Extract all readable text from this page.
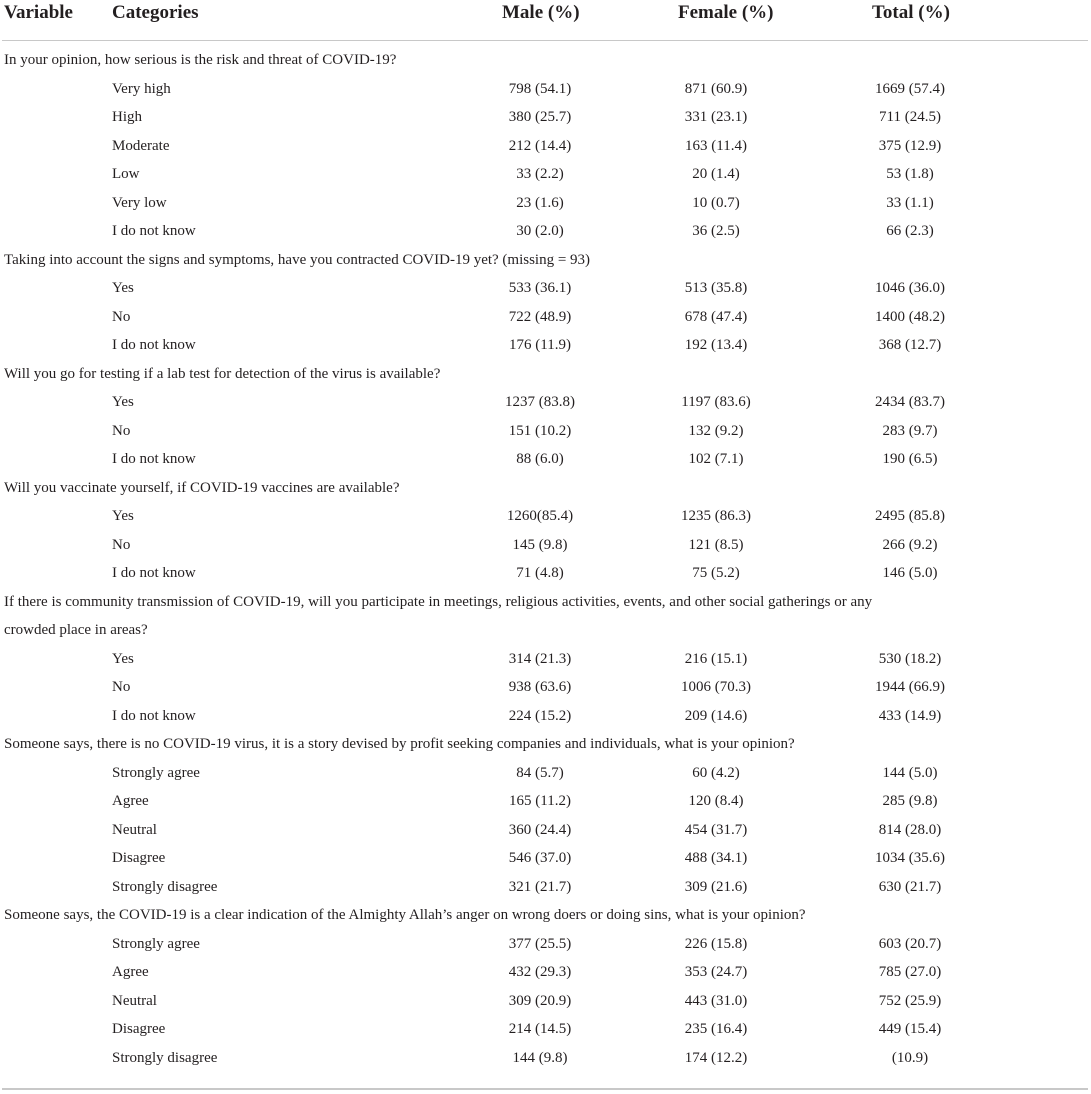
Variable Categories	Male (%)	Female (%)	Total (%)
In your opinion, how serious is the risk and threat of COVID-19?
Very high	798 (54.1)	871 (60.9)	1669 (57.4)
High	380 (25.7)	331 (23.1)	711 (24.5)
Moderate	212 (14.4)	163 (11.4)	375 (12.9)
Low	33 (2.2)	20 (1.4)	53 (1.8)
Very low	23 (1.6)	10 (0.7)	33 (1.1)
I do not know	30 (2.0)	36 (2.5)	66 (2.3)
Taking into account the signs and symptoms, have you contracted COVID-19 yet? (missing = 93)
Yes	533 (36.1)	513 (35.8)	1046 (36.0)
No	722 (48.9)	678 (47.4)	1400 (48.2)
I do not know	176 (11.9)	192 (13.4)	368 (12.7)
Will you go for testing if a lab test for detection of the virus is available?
Yes	1237 (83.8)	1197 (83.6)	2434 (83.7)
No	151 (10.2)	132 (9.2)	283 (9.7)
I do not know	88 (6.0)	102 (7.1)	190 (6.5)
Will you vaccinate yourself, if COVID-19 vaccines are available?
Yes	1260(85.4)	1235 (86.3)	2495 (85.8)
No	145 (9.8)	121 (8.5)	266 (9.2)
I do not know	71 (4.8)	75 (5.2)	146 (5.0)
If there is community transmission of COVID-19, will you participate in meetings, religious activities, events, and other social gatherings or any
crowded place in areas?
Yes	314 (21.3)	216 (15.1)	530 (18.2)
No	938 (63.6)	1006 (70.3)	1944 (66.9)
I do not know	224 (15.2)	209 (14.6)	433 (14.9)
Someone says, there is no COVID-19 virus, it is a story devised by profit seeking companies and individuals, what is your opinion?
Strongly agree	84 (5.7)	60 (4.2)	144 (5.0)
Agree	165 (11.2)	120 (8.4)	285 (9.8)
Neutral	360 (24.4)	454 (31.7)	814 (28.0)
Disagree	546 (37.0)	488 (34.1)	1034 (35.6)
Strongly disagree	321 (21.7)	309 (21.6)	630 (21.7)
Someone says, the COVID-19 is a clear indication of the Almighty Allah’s anger on wrong doers or doing sins, what is your opinion?
Strongly agree	377 (25.5)	226 (15.8)	603 (20.7)
Agree	432 (29.3)	353 (24.7)	785 (27.0)
Neutral	309 (20.9)	443 (31.0)	752 (25.9)
Disagree	214 (14.5)	235 (16.4)	449 (15.4)
Strongly disagree	144 (9.8)	174 (12.2)	(10.9)
